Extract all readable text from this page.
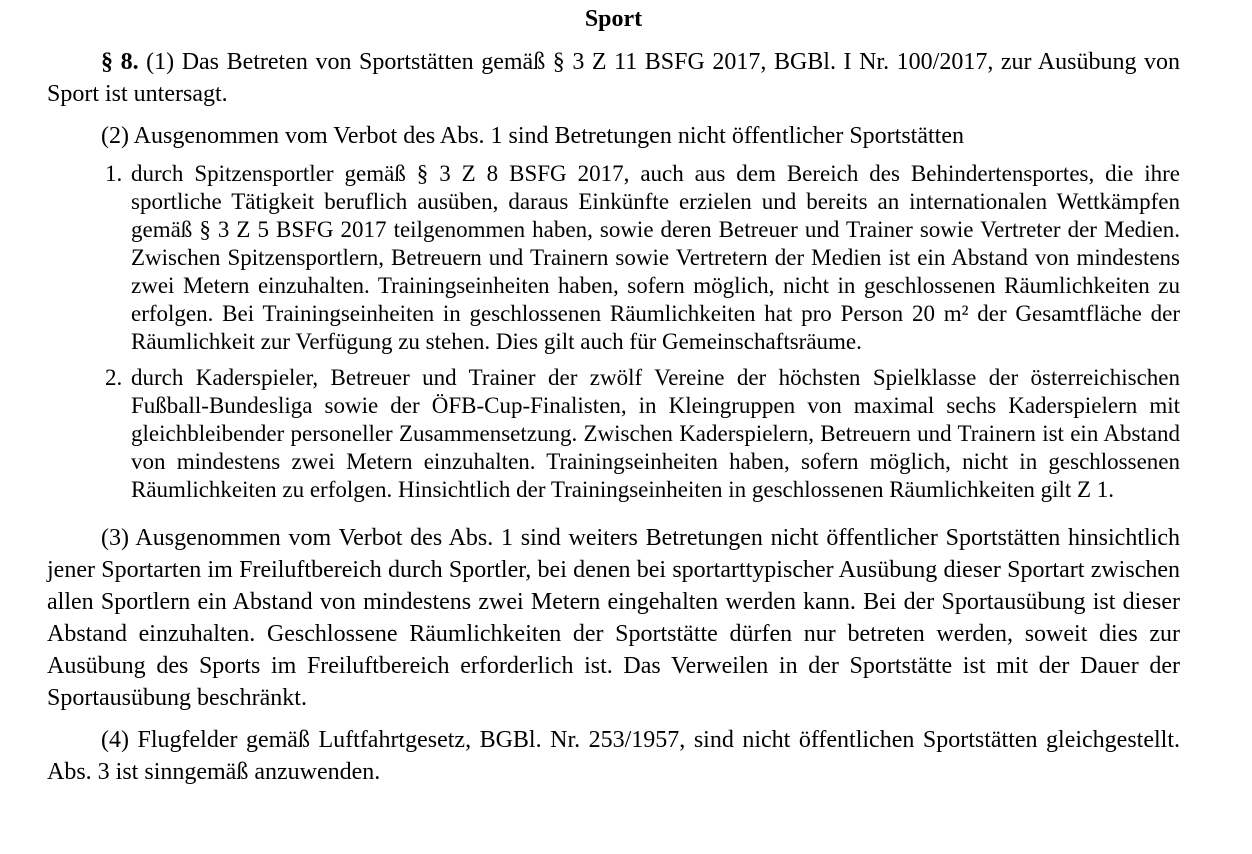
Sport

§ 8. (1) Das Betreten von Sportstätten gemäß § 3 Z 11 BSFG 2017, BGBl. I Nr. 100/2017, zur Ausübung von Sport ist untersagt.

(2) Ausgenommen vom Verbot des Abs. 1 sind Betretungen nicht öffentlicher Sportstätten

1. durch Spitzensportler gemäß § 3 Z 8 BSFG 2017, auch aus dem Bereich des Behindertensportes, die ihre sportliche Tätigkeit beruflich ausüben, daraus Einkünfte erzielen und bereits an internationalen Wettkämpfen gemäß § 3 Z 5 BSFG 2017 teilgenommen haben, sowie deren Betreuer und Trainer sowie Vertreter der Medien. Zwischen Spitzensportlern, Betreuern und Trainern sowie Vertretern der Medien ist ein Abstand von mindestens zwei Metern einzuhalten. Trainingseinheiten haben, sofern möglich, nicht in geschlossenen Räumlichkeiten zu erfolgen. Bei Trainingseinheiten in geschlossenen Räumlichkeiten hat pro Person 20 m² der Gesamtfläche der Räumlichkeit zur Verfügung zu stehen. Dies gilt auch für Gemeinschaftsräume.
2. durch Kaderspieler, Betreuer und Trainer der zwölf Vereine der höchsten Spielklasse der österreichischen Fußball-Bundesliga sowie der ÖFB-Cup-Finalisten, in Kleingruppen von maximal sechs Kaderspielern mit gleichbleibender personeller Zusammensetzung. Zwischen Kaderspielern, Betreuern und Trainern ist ein Abstand von mindestens zwei Metern einzuhalten. Trainingseinheiten haben, sofern möglich, nicht in geschlossenen Räumlichkeiten zu erfolgen. Hinsichtlich der Trainingseinheiten in geschlossenen Räumlichkeiten gilt Z 1.

(3) Ausgenommen vom Verbot des Abs. 1 sind weiters Betretungen nicht öffentlicher Sportstätten hinsichtlich jener Sportarten im Freiluftbereich durch Sportler, bei denen bei sportarttypischer Ausübung dieser Sportart zwischen allen Sportlern ein Abstand von mindestens zwei Metern eingehalten werden kann. Bei der Sportausübung ist dieser Abstand einzuhalten. Geschlossene Räumlichkeiten der Sportstätte dürfen nur betreten werden, soweit dies zur Ausübung des Sports im Freiluftbereich erforderlich ist. Das Verweilen in der Sportstätte ist mit der Dauer der Sportausübung beschränkt.

(4) Flugfelder gemäß Luftfahrtgesetz, BGBl. Nr. 253/1957, sind nicht öffentlichen Sportstätten gleichgestellt. Abs. 3 ist sinngemäß anzuwenden.
